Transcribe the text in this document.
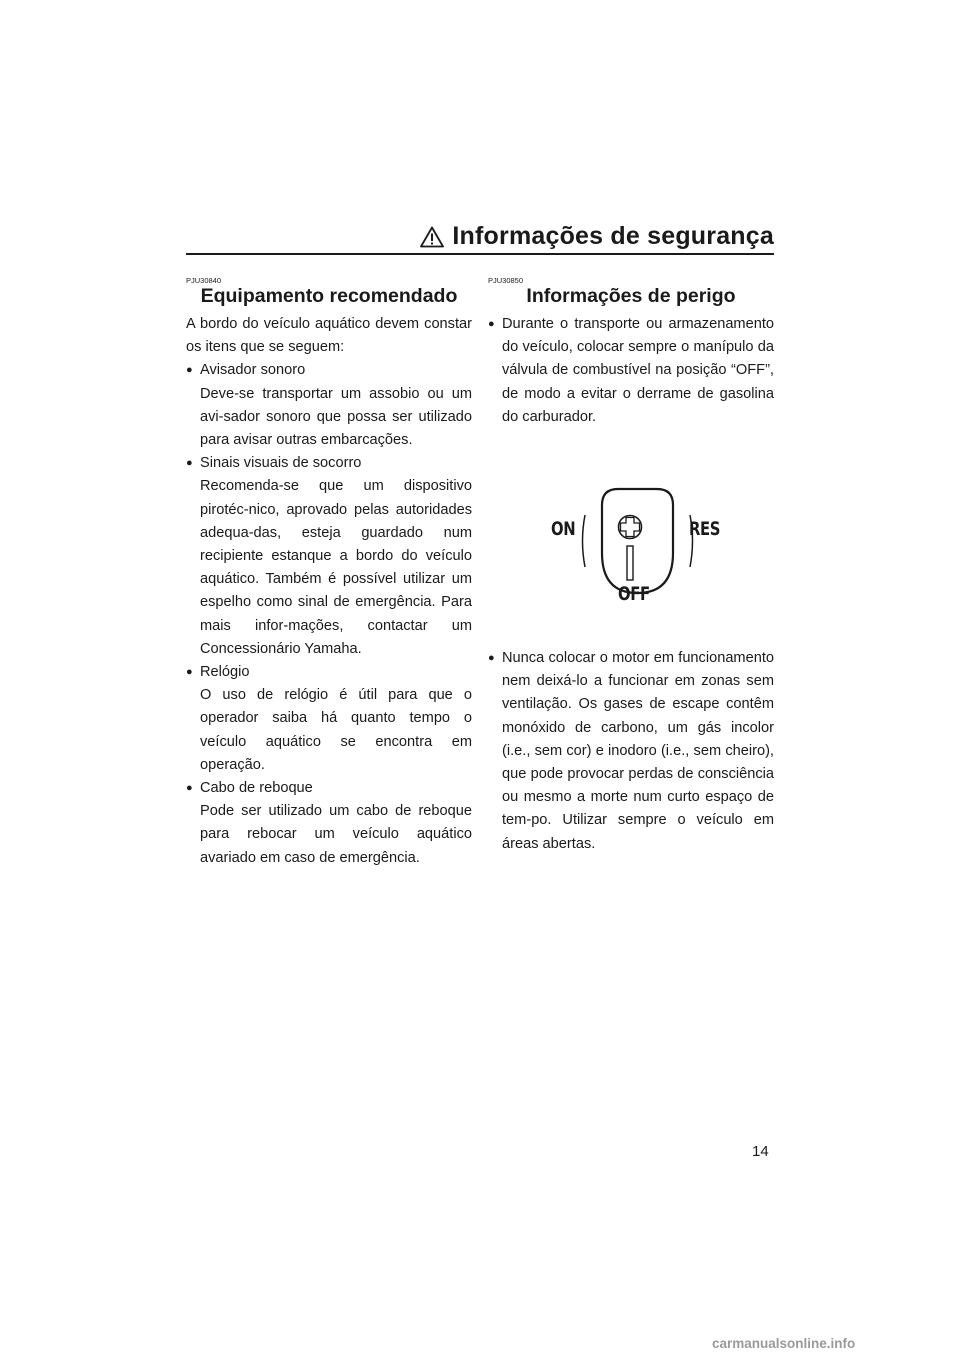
Informações de segurança
PJU30840
Equipamento recomendado

A bordo do veículo aquático devem constar os itens que se seguem:

● Avisador sonoro
Deve-se transportar um assobio ou um avi-sador sonoro que possa ser utilizado para avisar outras embarcações.
● Sinais visuais de socorro
Recomenda-se que um dispositivo pirotéc-nico, aprovado pelas autoridades adequa-das, esteja guardado num recipiente estanque a bordo do veículo aquático. Também é possível utilizar um espelho como sinal de emergência. Para mais infor-mações, contactar um Concessionário Yamaha.
● Relógio
O uso de relógio é útil para que o operador saiba há quanto tempo o veículo aquático se encontra em operação.
● Cabo de reboque
Pode ser utilizado um cabo de reboque para rebocar um veículo aquático avariado em caso de emergência.
PJU30850
Informações de perigo
● Durante o transporte ou armazenamento do veículo, colocar sempre o manípulo da válvula de combustível na posição “OFF”, de modo a evitar o derrame de gasolina do carburador.
ON	RES
OFF
● Nunca colocar o motor em funcionamento nem deixá-lo a funcionar em zonas sem ventilação. Os gases de escape contêm monóxido de carbono, um gás incolor (i.e., sem cor) e inodoro (i.e., sem cheiro), que pode provocar perdas de consciência ou mesmo a morte num curto espaço de tem-po. Utilizar sempre o veículo em áreas abertas.
14
carmanualsonline.info
